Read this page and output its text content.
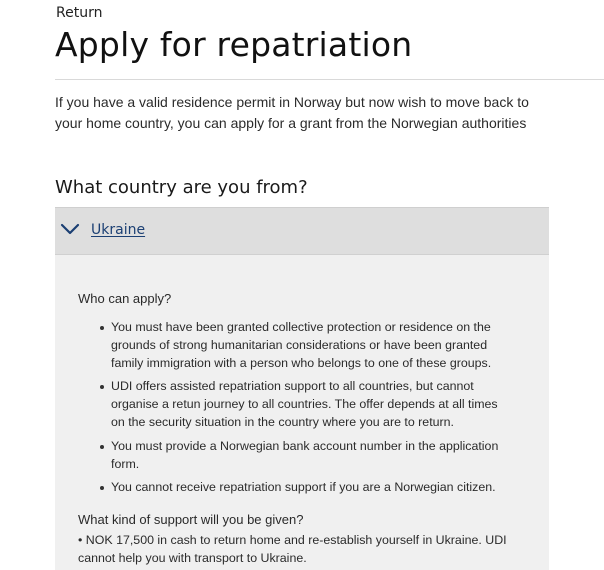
Return
Apply for repatriation

If you have a valid residence permit in Norway but now wish to move back to your home country, you can apply for a grant from the Norwegian authorities

What country are you from?
Ukraine
Who can apply?
You must have been granted collective protection or residence on the grounds of strong humanitarian considerations or have been granted family immigration with a person who belongs to one of these groups.
UDI offers assisted repatriation support to all countries, but cannot organise a retun journey to all countries. The offer depends at all times on the security situation in the country where you are to return.
You must provide a Norwegian bank account number in the application form.
You cannot receive repatriation support if you are a Norwegian citizen.
What kind of support will you be given?

• NOK 17,500 in cash to return home and re-establish yourself in Ukraine. UDI cannot help you with transport to Ukraine.
